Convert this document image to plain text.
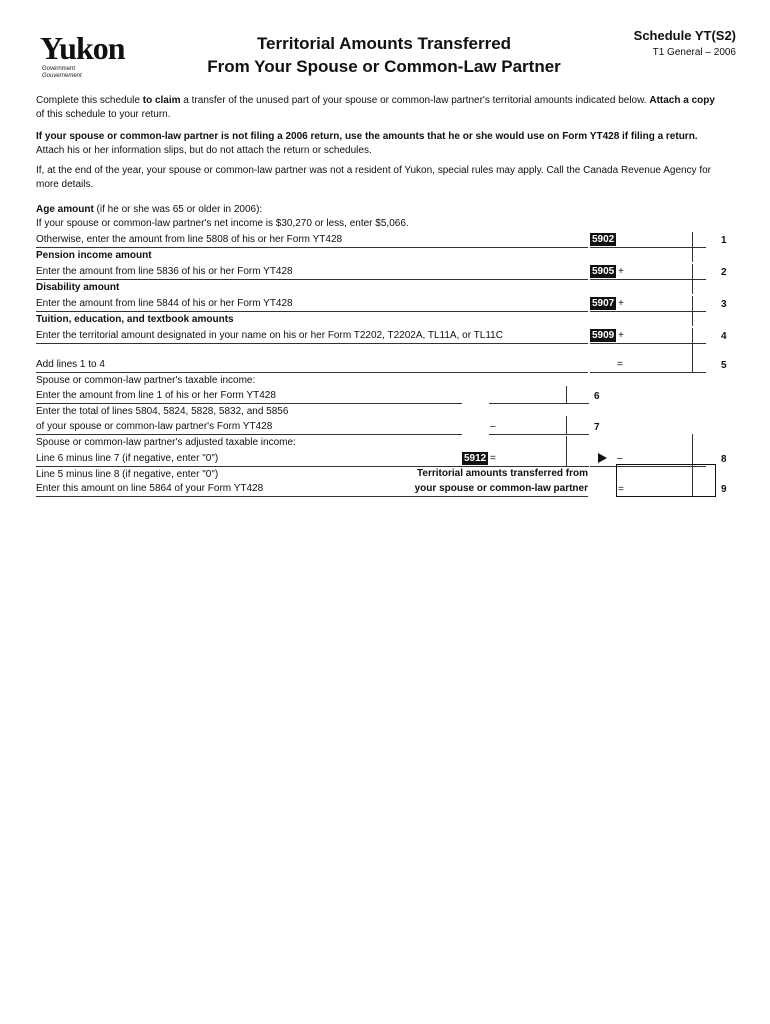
Yukon
Government
Gouvernement
Territorial Amounts Transferred
From Your Spouse or Common-Law Partner
Schedule YT(S2)
T1 General – 2006
Complete this schedule to claim a transfer of the unused part of your spouse or common-law partner's territorial amounts indicated below. Attach a copy of this schedule to your return.
If your spouse or common-law partner is not filing a 2006 return, use the amounts that he or she would use on Form YT428 if filing a return. Attach his or her information slips, but do not attach the return or schedules.
If, at the end of the year, your spouse or common-law partner was not a resident of Yukon, special rules may apply. Call the Canada Revenue Agency for more details.
Age amount (if he or she was 65 or older in 2006):
If your spouse or common-law partner's net income is $30,270 or less, enter $5,066.
Otherwise, enter the amount from line 5808 of his or her Form YT428	5902	1
Pension income amount
Enter the amount from line 5836 of his or her Form YT428	5905 +	2
Disability amount
Enter the amount from line 5844 of his or her Form YT428	5907 +	3
Tuition, education, and textbook amounts
Enter the territorial amount designated in your name on his or her Form T2202, T2202A, TL11A, or TL11C	5909 +	4
Add lines 1 to 4	=	5
Spouse or common-law partner's taxable income:
Enter the amount from line 1 of his or her Form YT428	6
Enter the total of lines 5804, 5824, 5828, 5832, and 5856
of your spouse or common-law partner's Form YT428	–	7
Spouse or common-law partner's adjusted taxable income:
Line 6 minus line 7 (if negative, enter "0")	5912 =	–	8
Line 5 minus line 8 (if negative, enter "0")
Enter this amount on line 5864 of your Form YT428
Territorial amounts transferred from
your spouse or common-law partner	=	9
